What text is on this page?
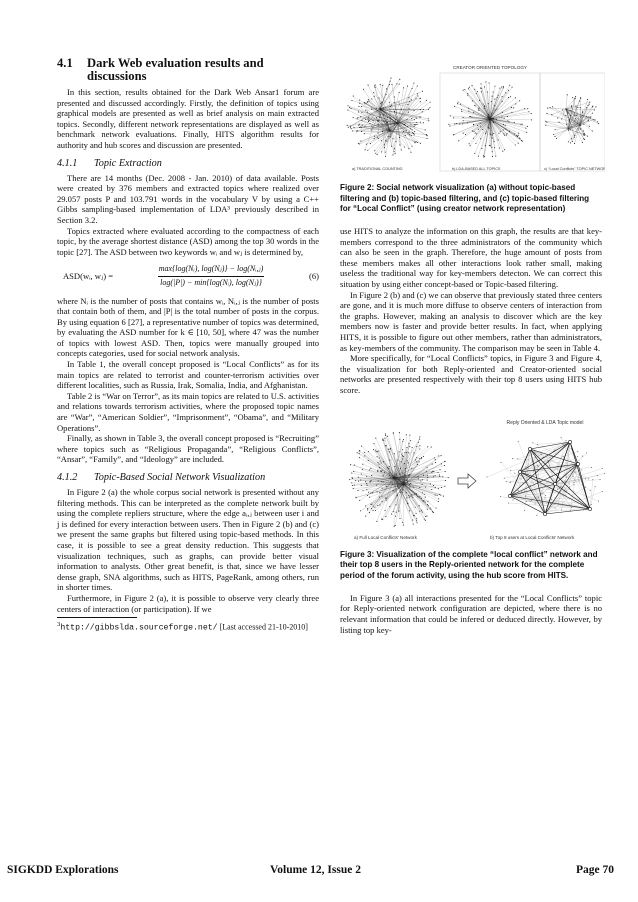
4.1	Dark Web evaluation results and discussions

In this section, results obtained for the Dark Web Ansar1 forum are presented and discussed accordingly. Firstly, the definition of topics using graphical models are presented as well as brief analysis on main extracted topics. Secondly, different network representations are displayed as well as benchmark network evaluations. Finally, HITS algorithm results for authority and hub scores and discussion are presented.

4.1.1	Topic Extraction

There are 14 months (Dec. 2008 - Jan. 2010) of data available. Posts were created by 376 members and extracted topics where realized over 29.057 posts P and 103.791 words in the vocabulary V by using a C++ Gibbs sampling-based implementation of LDA³ previously described in Section 3.2.

Topics extracted where evaluated according to the compactness of each topic, by the average shortest distance (ASD) among the top 30 words in the topic [27]. The ASD between two keywords wᵢ and wⱼ is determined by,

ASD(wᵢ, wⱼ) =	$\frac{\text{max\{log(Nᵢ), log(Nⱼ)\} − log(Nᵢ,ⱼ)}}{\text{log(|P|) − min\{log(Nᵢ), log(Nⱼ)\}}}$	(6)

where Nᵢ is the number of posts that contains wᵢ, Nᵢ,ⱼ is the number of posts that contain both of them, and |P| is the total number of posts in the corpus. By using equation 6 [27], a representative number of topics was determined, by evaluating the ASD number for k ∈ [10, 50], where 47 was the number of topics with lowest ASD. Then, topics were manually grouped into concepts categories, used for social network analysis.

In Table 1, the overall concept proposed is “Local Conflicts” as for its main topics are related to terrorist and counter-terrorism activities over different localities, such as Russia, Irak, Somalia, India, and Afghanistan.

Table 2 is “War on Terror”, as its main topics are related to U.S. activities and relations towards terrorism activities, where the proposed topic names are “War”, “American Soldier”, “Imprisonment”, “Obama”, and “Military Operations”.

Finally, as shown in Table 3, the overall concept proposed is “Recruiting” where topics such as “Religious Propaganda”, “Religious Conflicts”, “Ansar”, “Family”, and “Ideology” are included.

4.1.2	Topic-Based Social Network Visualization

In Figure 2 (a) the whole corpus social network is presented without any filtering methods. This can be interpreted as the complete network built by using the complete repliers structure, where the edge aᵢ,ⱼ between user i and j is defined for every interaction between users. Then in Figure 2 (b) and (c) we present the same graphs but filtered using topic-based methods. In this case, it is possible to see a great density reduction. This suggests that visualization techniques, such as graphs, can provide better visual information to analysts. Other great benefit, is that, since we have lesser dense graph, SNA algorithms, such as HITS, PageRank, among others, run in shorter times.

Furthermore, in Figure 2 (a), it is possible to observe very clearly three centers of interaction (or participation). If we

$^3$http://gibbslda.sourceforge.net/ [Last accessed 21-10-2010]
CREATOR ORIENTED TOPOLOGY
a) TRADITIONAL COUNTING	b) LDA-BASED ALL TOPICS	c) “Local Conflicts” TOPIC NETWORK

Figure 2: Social network visualization (a) without topic-based filtering and (b) topic-based filtering, and (c) topic-based filtering for “Local Conflict” (using creator network representation)

use HITS to analyze the information on this graph, the results are that key-members correspond to the three administrators of the community which can also be seen in the graph. Therefore, the huge amount of posts from these members makes all other interactions look rather small, making useless the traditional way for key-members detecton. We can correct this situation by using either concept-based or Topic-based filtering.

In Figure 2 (b) and (c) we can observe that previously stated three centers are gone, and it is much more diffuse to observe centers of interaction from the graphs. However, making an analysis to discover which are the key members now is faster and provide better results. In fact, when applying HITS, it is possible to figure out other members, rather than administrators, as key-members of the community. The comparison may be seen in Table 4.

More specifically, for “Local Conflicts” topics, in Figure 3 and Figure 4, the visualization for both Reply-oriented and Creator-oriented social networks are presented respectively with their top 8 users using HITS hub score.

Reply Oriented & LDA Topic model
a) Full Local Conflicts’ Network	b) Top 8 users at Local Conflicts’ Network

Figure 3: Visualization of the complete “local conflict” network and their top 8 users in the Reply-oriented network for the complete period of the forum activity, using the hub score from HITS.

In Figure 3 (a) all interactions presented for the “Local Conflicts” topic for Reply-oriented network configuration are depicted, where there is no relevant information that could be infered or deduced directly. However, by listing top key-

SIGKDD Explorations	Volume 12, Issue 2	Page 70
